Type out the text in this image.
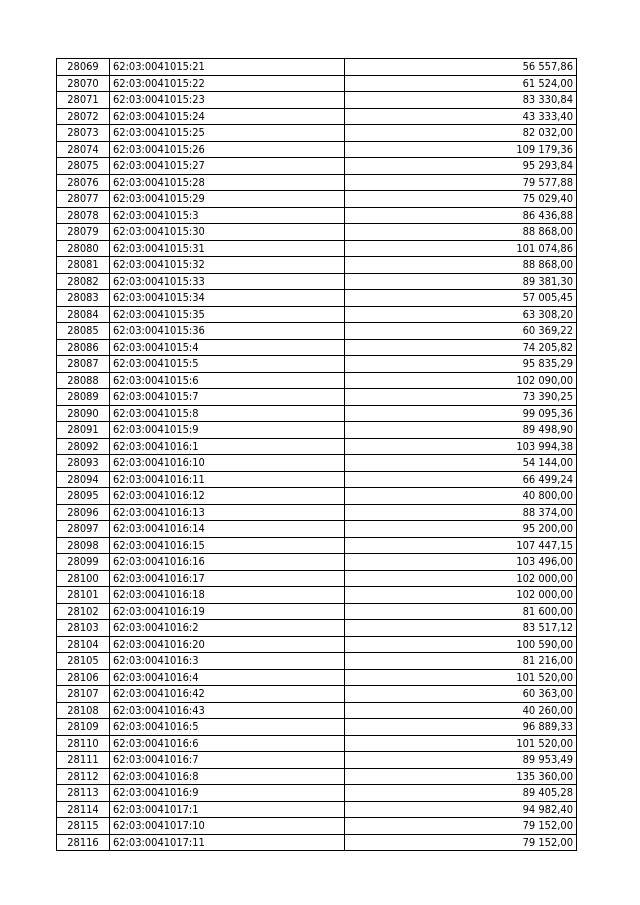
28069	62:03:0041015:21	56 557,86
28070	62:03:0041015:22	61 524,00
28071	62:03:0041015:23	83 330,84
28072	62:03:0041015:24	43 333,40
28073	62:03:0041015:25	82 032,00
28074	62:03:0041015:26	109 179,36
28075	62:03:0041015:27	95 293,84
28076	62:03:0041015:28	79 577,88
28077	62:03:0041015:29	75 029,40
28078	62:03:0041015:3	86 436,88
28079	62:03:0041015:30	88 868,00
28080	62:03:0041015:31	101 074,86
28081	62:03:0041015:32	88 868,00
28082	62:03:0041015:33	89 381,30
28083	62:03:0041015:34	57 005,45
28084	62:03:0041015:35	63 308,20
28085	62:03:0041015:36	60 369,22
28086	62:03:0041015:4	74 205,82
28087	62:03:0041015:5	95 835,29
28088	62:03:0041015:6	102 090,00
28089	62:03:0041015:7	73 390,25
28090	62:03:0041015:8	99 095,36
28091	62:03:0041015:9	89 498,90
28092	62:03:0041016:1	103 994,38
28093	62:03:0041016:10	54 144,00
28094	62:03:0041016:11	66 499,24
28095	62:03:0041016:12	40 800,00
28096	62:03:0041016:13	88 374,00
28097	62:03:0041016:14	95 200,00
28098	62:03:0041016:15	107 447,15
28099	62:03:0041016:16	103 496,00
28100	62:03:0041016:17	102 000,00
28101	62:03:0041016:18	102 000,00
28102	62:03:0041016:19	81 600,00
28103	62:03:0041016:2	83 517,12
28104	62:03:0041016:20	100 590,00
28105	62:03:0041016:3	81 216,00
28106	62:03:0041016:4	101 520,00
28107	62:03:0041016:42	60 363,00
28108	62:03:0041016:43	40 260,00
28109	62:03:0041016:5	96 889,33
28110	62:03:0041016:6	101 520,00
28111	62:03:0041016:7	89 953,49
28112	62:03:0041016:8	135 360,00
28113	62:03:0041016:9	89 405,28
28114	62:03:0041017:1	94 982,40
28115	62:03:0041017:10	79 152,00
28116	62:03:0041017:11	79 152,00
